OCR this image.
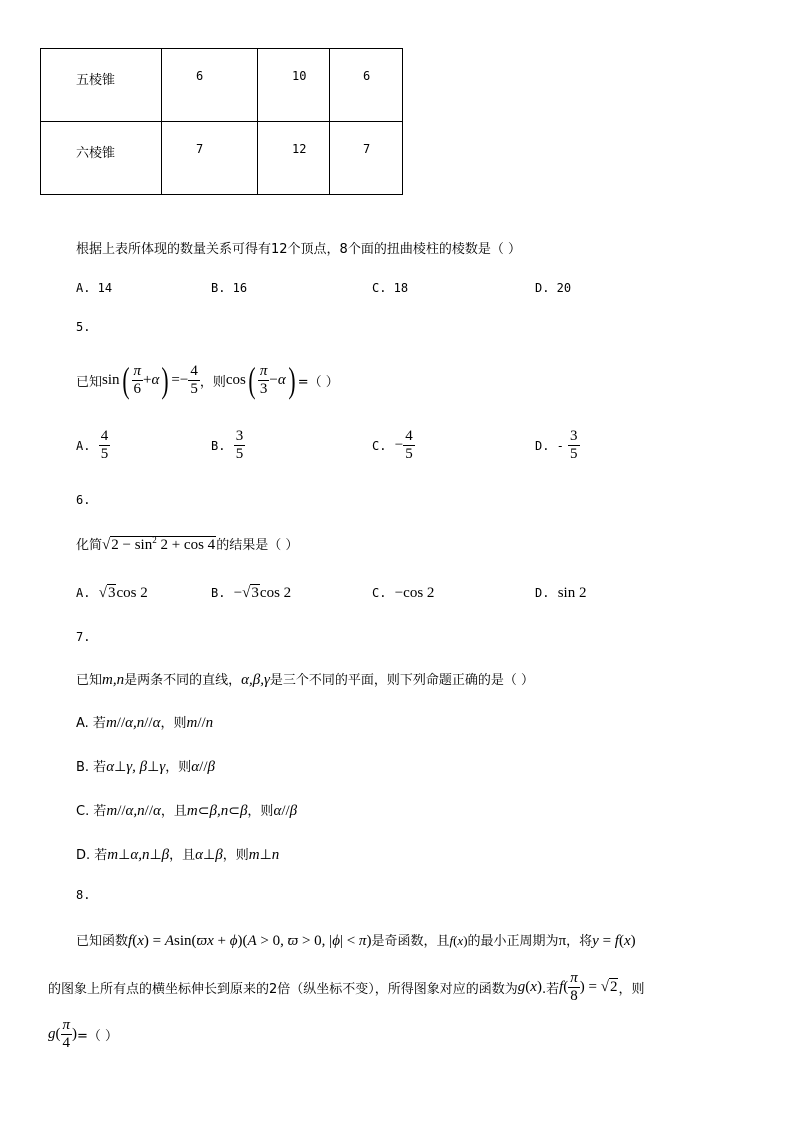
五棱锥	6	10	6
六棱锥	7	12	7
根据上表所体现的数量关系可得有12个顶点，8个面的扭曲棱柱的棱数是（ ）
A. 14	B. 16	C. 18	D. 20
5.
已知 sin ( $\frac{\pi}{6} +\alpha$ ) =− $\frac{4}{5}$ ，则 cos ( $\frac{\pi}{3} -\alpha$ ) =（ ）
A.
$\frac{4}{5}$	B.
$\frac{3}{5}$	C.
− $\frac{4}{5}$	D. -
$\frac{3}{5}$
6.
化简$√2 - \sin^2 2 + \cos 4$的结果是（ ）
A. √3cos 2	B. −√3cos 2	C. −cos 2	D. sin 2
7.
已知m,n是两条不同的直线，α,β,γ是三个不同的平面，则下列命题正确的是（ ）
A. 若m//α,n//α，则m//n
B. 若α⊥γ, β⊥γ，则α//β
C. 若m//α,n//α，且m⊂β,n⊂β，则α//β
D. 若m⊥α,n⊥β，且α⊥β，则m⊥n
8.
已知函数f(x) = Asin(ϖx + ϕ)(A > 0, ϖ > 0, |ϕ| < π)是奇函数，且f(x)的最小正周期为π，将y = f(x)
的图象上所有点的横坐标伸长到原来的2倍（纵坐标不变），所得图象对应的函数为 g (x) .若 f ( $\frac{\pi}{8}$ ) = √2 ，则
g ( $\frac{\pi}{4}$ ) =（ ）
